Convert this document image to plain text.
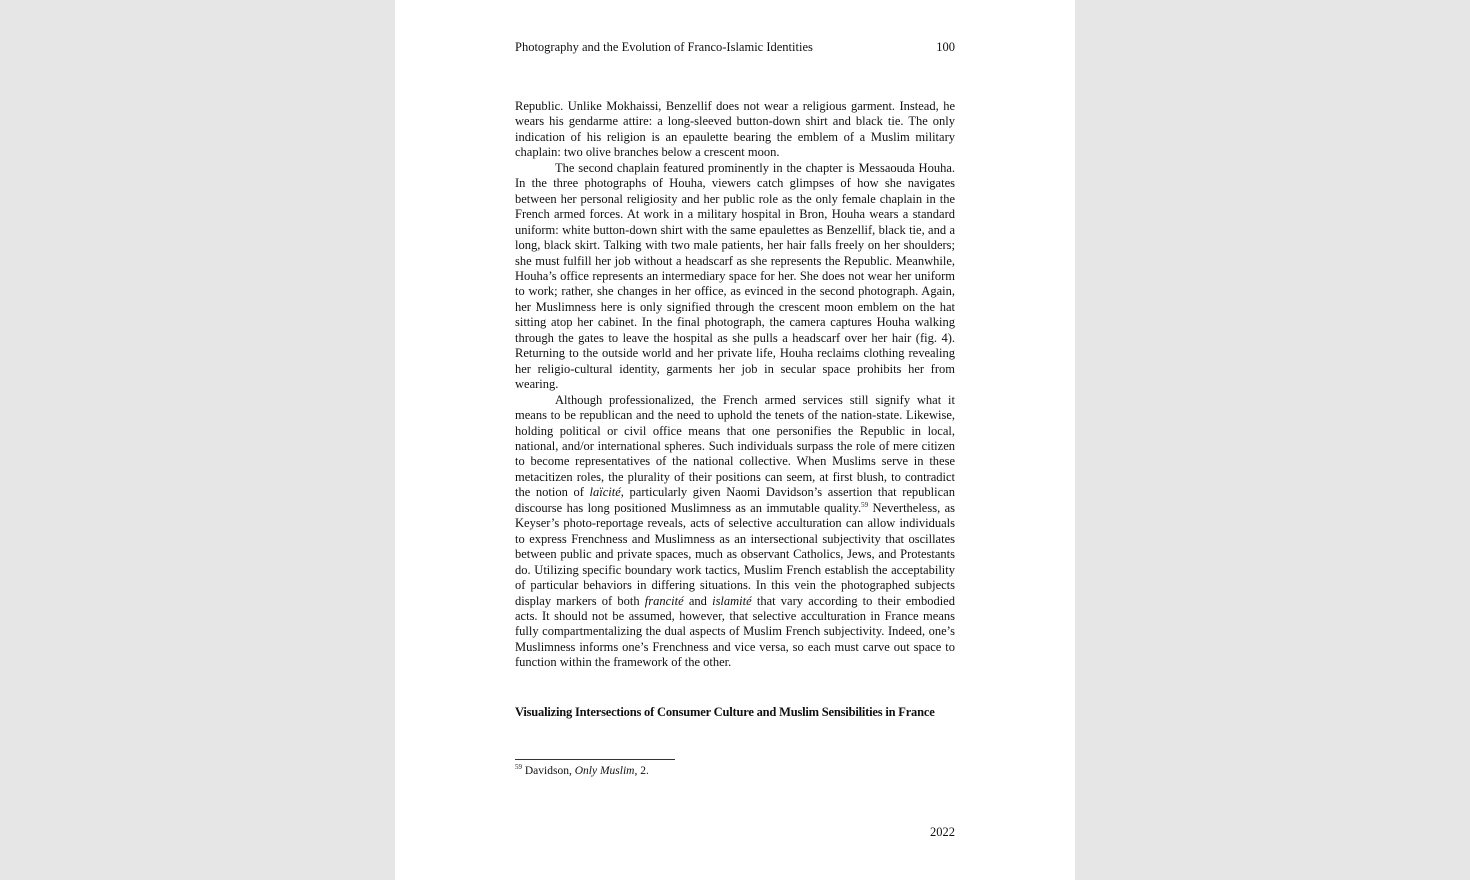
Photography and the Evolution of Franco-Islamic Identities	100

Republic. Unlike Mokhaissi, Benzellif does not wear a religious garment. Instead, he wears his gendarme attire: a long-sleeved button-down shirt and black tie. The only indication of his religion is an epaulette bearing the emblem of a Muslim military chaplain: two olive branches below a crescent moon.

The second chaplain featured prominently in the chapter is Messaouda Houha. In the three photographs of Houha, viewers catch glimpses of how she navigates between her personal religiosity and her public role as the only female chaplain in the French armed forces. At work in a military hospital in Bron, Houha wears a standard uniform: white button-down shirt with the same epaulettes as Benzellif, black tie, and a long, black skirt. Talking with two male patients, her hair falls freely on her shoulders; she must fulfill her job without a headscarf as she represents the Republic. Meanwhile, Houha’s office represents an intermediary space for her. She does not wear her uniform to work; rather, she changes in her office, as evinced in the second photograph. Again, her Muslimness here is only signified through the crescent moon emblem on the hat sitting atop her cabinet. In the final photograph, the camera captures Houha walking through the gates to leave the hospital as she pulls a headscarf over her hair (fig. 4). Returning to the outside world and her private life, Houha reclaims clothing revealing her religio-cultural identity, garments her job in secular space prohibits her from wearing.

Although professionalized, the French armed services still signify what it means to be republican and the need to uphold the tenets of the nation-state. Likewise, holding political or civil office means that one personifies the Republic in local, national, and/or international spheres. Such individuals surpass the role of mere citizen to become representatives of the national collective. When Muslims serve in these metacitizen roles, the plurality of their positions can seem, at first blush, to contradict the notion of laïcité, particularly given Naomi Davidson’s assertion that republican discourse has long positioned Muslimness as an immutable quality.$^{59}$ Nevertheless, as Keyser’s photo-reportage reveals, acts of selective acculturation can allow individuals to express Frenchness and Muslimness as an intersectional subjectivity that oscillates between public and private spaces, much as observant Catholics, Jews, and Protestants do. Utilizing specific boundary work tactics, Muslim French establish the acceptability of particular behaviors in differing situations. In this vein the photographed subjects display markers of both francité and islamité that vary according to their embodied acts. It should not be assumed, however, that selective acculturation in France means fully compartmentalizing the dual aspects of Muslim French subjectivity. Indeed, one’s Muslimness informs one’s Frenchness and vice versa, so each must carve out space to function within the framework of the other.

Visualizing Intersections of Consumer Culture and Muslim Sensibilities in France
$^{59}$ Davidson, Only Muslim, 2.
2022
